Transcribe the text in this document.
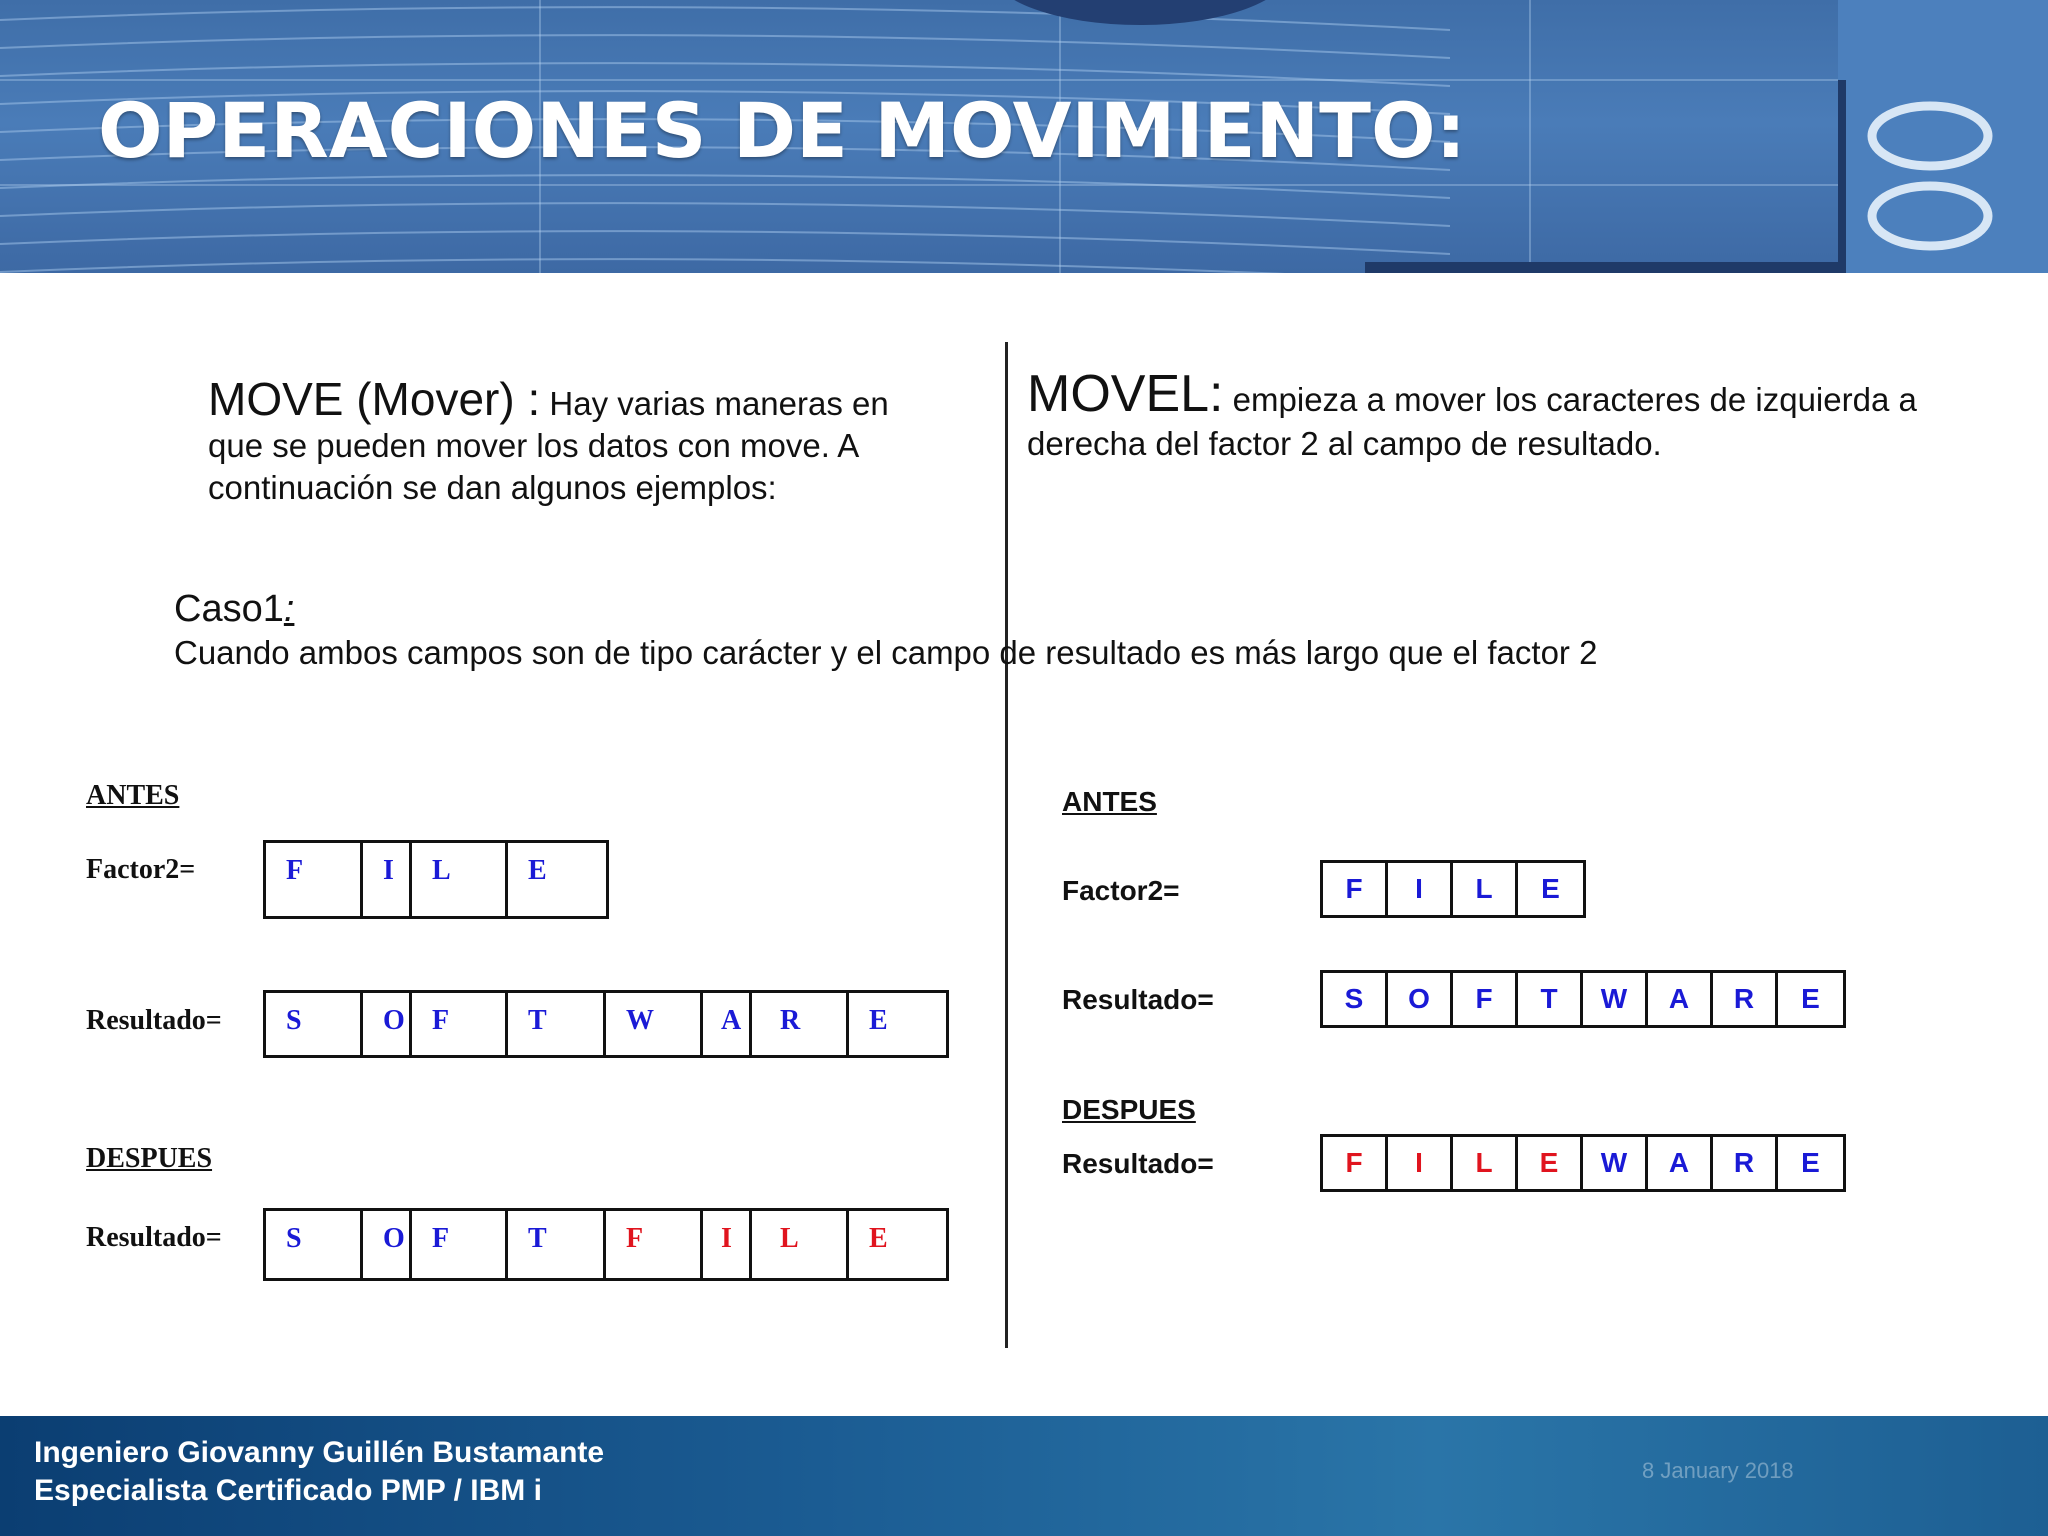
OPERACIONES DE MOVIMIENTO:
MOVE (Mover) : Hay varias maneras en que se pueden mover los datos con move. A continuación se dan algunos ejemplos:
MOVEL: empieza a mover los caracteres de izquierda a derecha del factor 2 al campo de resultado.
Caso1:
Cuando ambos campos son de tipo carácter y el campo de resultado es más largo que el factor 2
ANTES
Factor2=	F	I L	E
Resultado= S	O F	T	W A R E
DESPUES
Resultado= S	O F	T	F	I L	E
ANTES
Factor2=	F I L E
Resultado=	S O F T W A R E
DESPUES
Resultado=	F I L E W A R E
Ingeniero Giovanny Guillén Bustamante
Especialista Certificado PMP / IBM i
8 January 2018
